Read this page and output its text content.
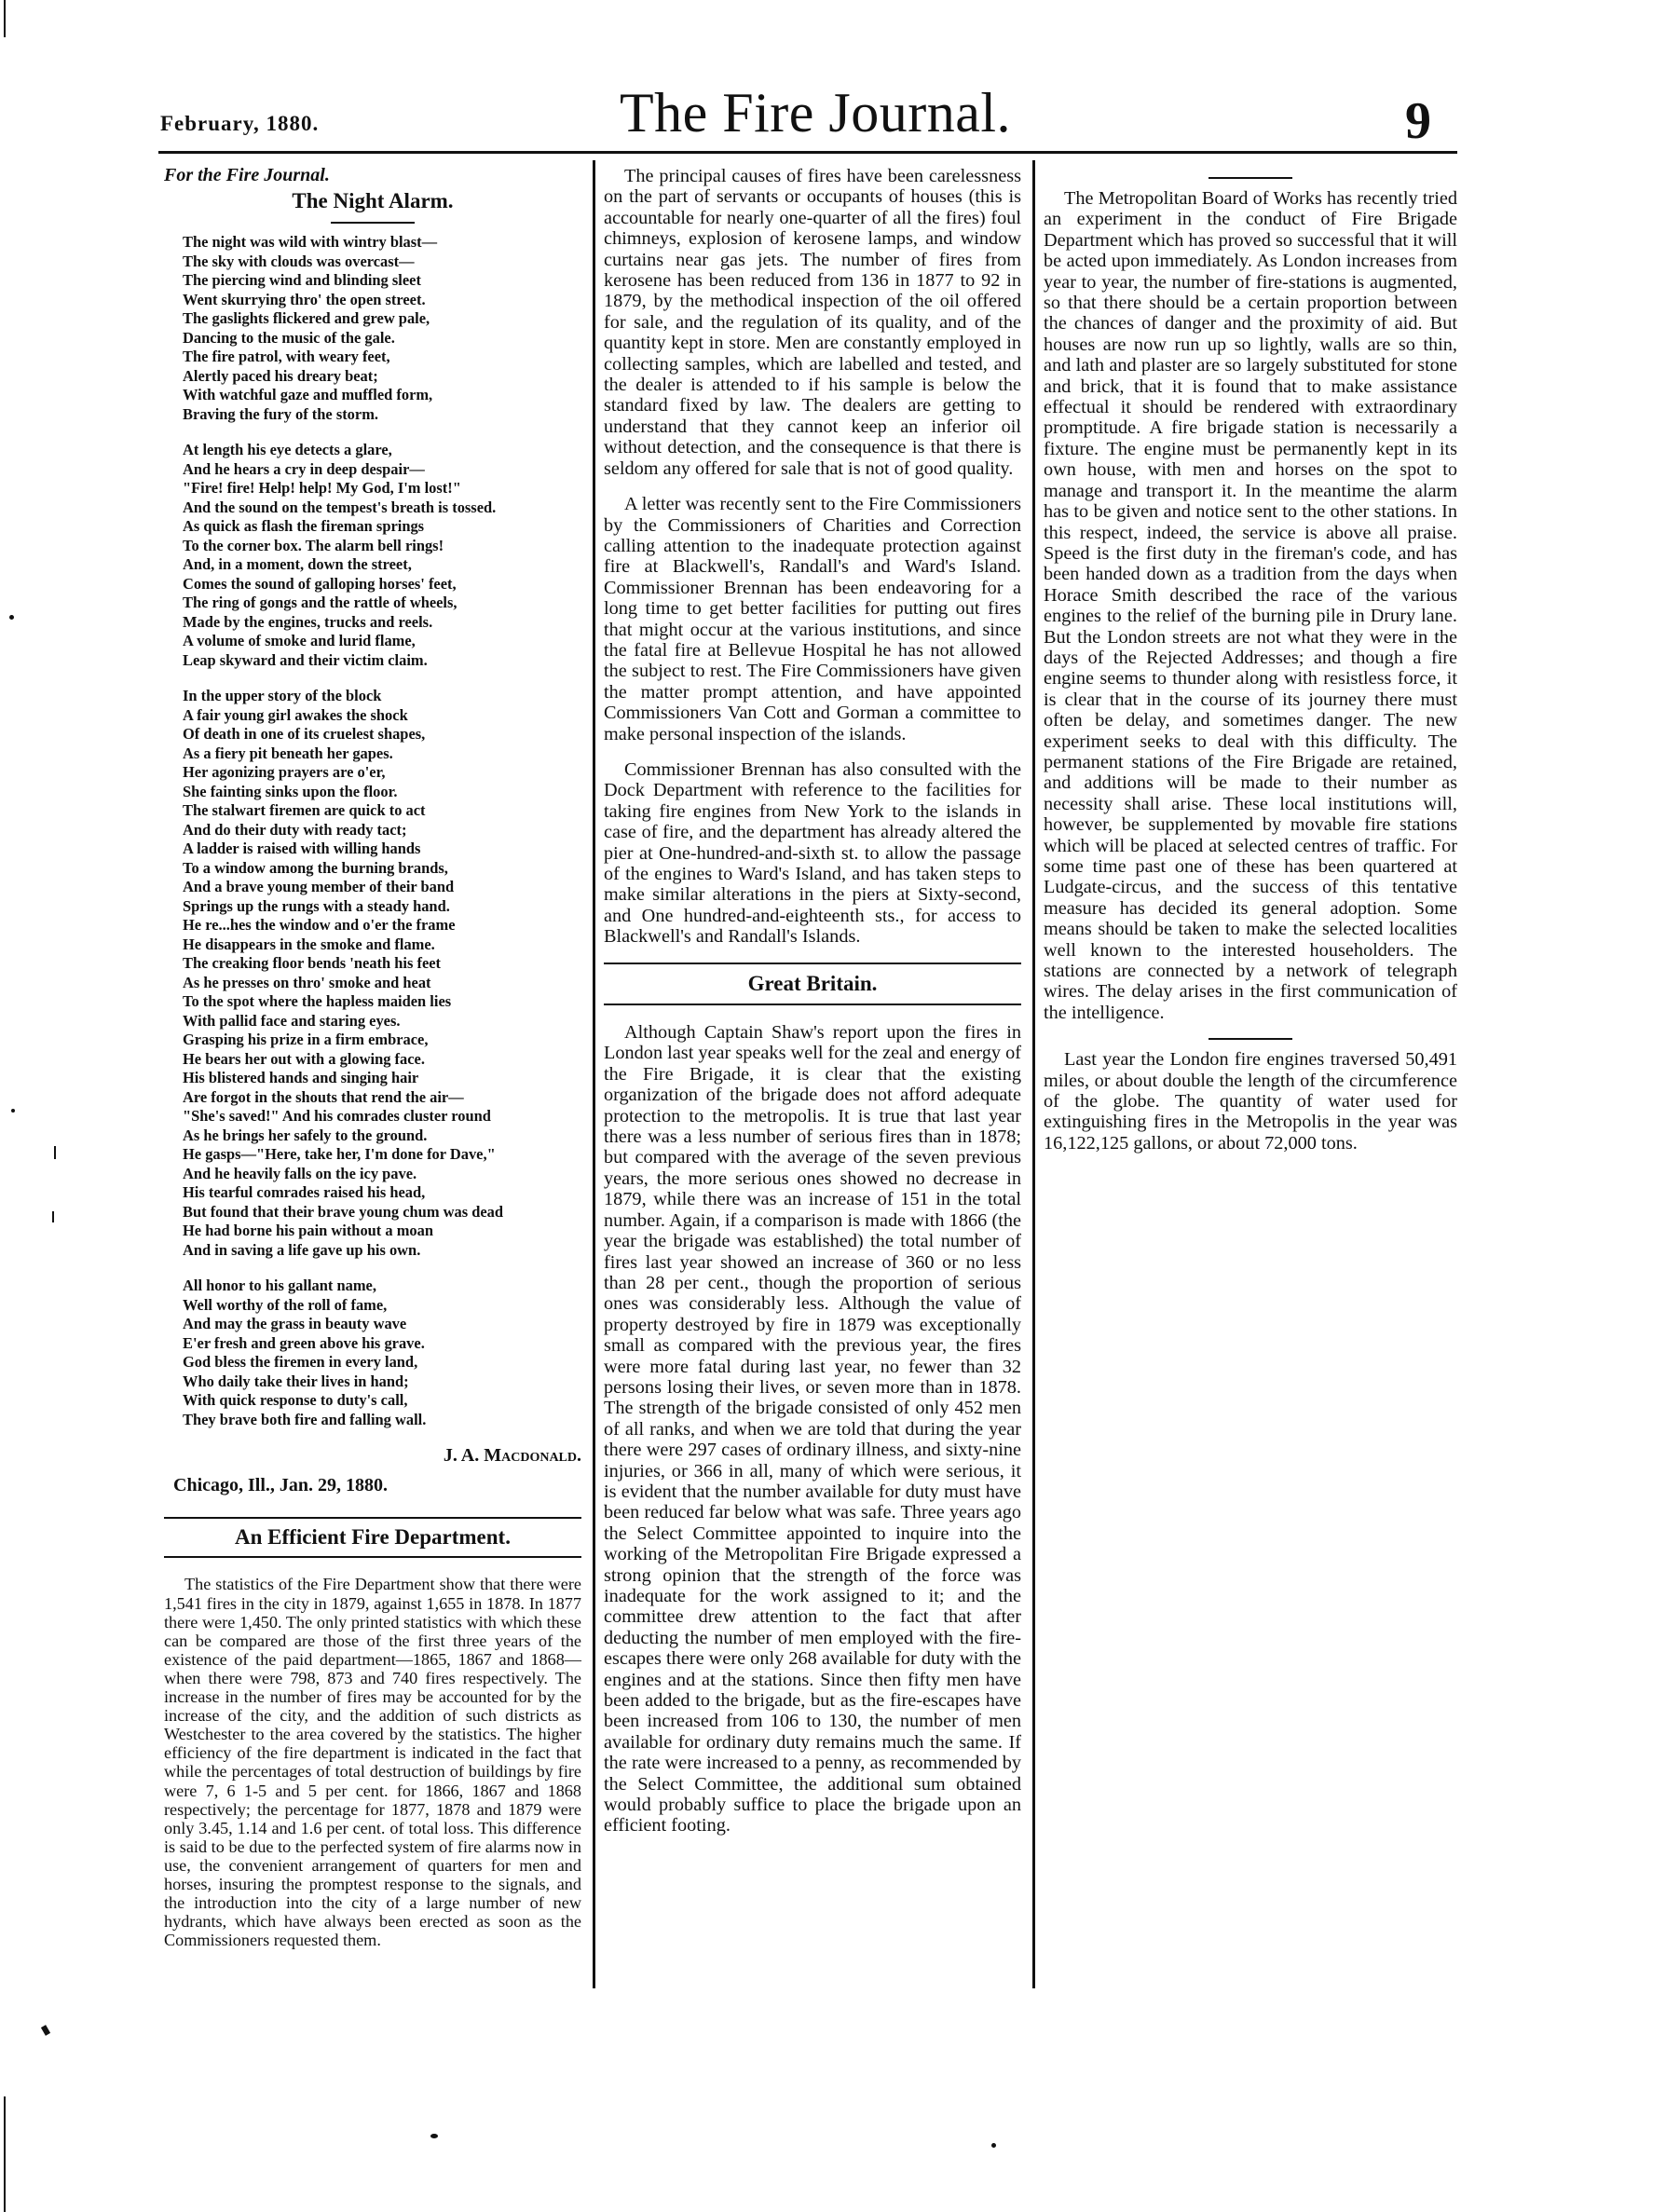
February, 1880.	The Fire Journal.	9
For the Fire Journal.
The Night Alarm.
The night was wild with wintry blast—
The sky with clouds was overcast—
The piercing wind and blinding sleet
Went skurrying thro' the open street.
The gaslights flickered and grew pale,
Dancing to the music of the gale.
The fire patrol, with weary feet,
Alertly paced his dreary beat;
With watchful gaze and muffled form,
Braving the fury of the storm.
At length his eye detects a glare,
And he hears a cry in deep despair—
"Fire! fire! Help! help! My God, I'm lost!"
And the sound on the tempest's breath is tossed.
As quick as flash the fireman springs
To the corner box. The alarm bell rings!
And, in a moment, down the street,
Comes the sound of galloping horses' feet,
The ring of gongs and the rattle of wheels,
Made by the engines, trucks and reels.
A volume of smoke and lurid flame,
Leap skyward and their victim claim.
In the upper story of the block
A fair young girl awakes the shock
Of death in one of its cruelest shapes,
As a fiery pit beneath her gapes.
Her agonizing prayers are o'er,
She fainting sinks upon the floor.
The stalwart firemen are quick to act
And do their duty with ready tact;
A ladder is raised with willing hands
To a window among the burning brands,
And a brave young member of their band
Springs up the rungs with a steady hand.
He re...hes the window and o'er the frame
He disappears in the smoke and flame.
The creaking floor bends 'neath his feet
As he presses on thro' smoke and heat
To the spot where the hapless maiden lies
With pallid face and staring eyes.
Grasping his prize in a firm embrace,
He bears her out with a glowing face.
His blistered hands and singing hair
Are forgot in the shouts that rend the air—
"She's saved!" And his comrades cluster round
As he brings her safely to the ground.
He gasps—"Here, take her, I'm done for Dave,"
And he heavily falls on the icy pave.
His tearful comrades raised his head,
But found that their brave young chum was dead
He had borne his pain without a moan
And in saving a life gave up his own.
All honor to his gallant name,
Well worthy of the roll of fame,
And may the grass in beauty wave
E'er fresh and green above his grave.
God bless the firemen in every land,
Who daily take their lives in hand;
With quick response to duty's call,
They brave both fire and falling wall.
J. A. Macdonald.
Chicago, Ill., Jan. 29, 1880.
An Efficient Fire Department.

The statistics of the Fire Department show that there were 1,541 fires in the city in 1879, against 1,655 in 1878. In 1877 there were 1,450. The only printed statistics with which these can be compared are those of the first three years of the existence of the paid department—1865, 1867 and 1868—when there were 798, 873 and 740 fires respectively. The increase in the number of fires may be accounted for by the increase of the city, and the addition of such districts as Westchester to the area covered by the statistics. The higher efficiency of the fire department is indicated in the fact that while the percentages of total destruction of buildings by fire were 7, 6 1-5 and 5 per cent. for 1866, 1867 and 1868 respectively; the percentage for 1877, 1878 and 1879 were only 3.45, 1.14 and 1.6 per cent. of total loss. This difference is said to be due to the perfected system of fire alarms now in use, the convenient arrangement of quarters for men and horses, insuring the promptest response to the signals, and the introduction into the city of a large number of new hydrants, which have always been erected as soon as the Commissioners requested them.

The principal causes of fires have been carelessness on the part of servants or occupants of houses (this is accountable for nearly one-quarter of all the fires) foul chimneys, explosion of kerosene lamps, and window curtains near gas jets. The number of fires from kerosene has been reduced from 136 in 1877 to 92 in 1879, by the methodical inspection of the oil offered for sale, and the regulation of its quality, and of the quantity kept in store. Men are constantly employed in collecting samples, which are labelled and tested, and the dealer is attended to if his sample is below the standard fixed by law. The dealers are getting to understand that they cannot keep an inferior oil without detection, and the consequence is that there is seldom any offered for sale that is not of good quality.

A letter was recently sent to the Fire Commissioners by the Commissioners of Charities and Correction calling attention to the inadequate protection against fire at Blackwell's, Randall's and Ward's Island. Commissioner Brennan has been endeavoring for a long time to get better facilities for putting out fires that might occur at the various institutions, and since the fatal fire at Bellevue Hospital he has not allowed the subject to rest. The Fire Commissioners have given the matter prompt attention, and have appointed Commissioners Van Cott and Gorman a committee to make personal inspection of the islands.

Commissioner Brennan has also consulted with the Dock Department with reference to the facilities for taking fire engines from New York to the islands in case of fire, and the department has already altered the pier at One-hundred-and-sixth st. to allow the passage of the engines to Ward's Island, and has taken steps to make similar alterations in the piers at Sixty-second, and One hundred-and-eighteenth sts., for access to Blackwell's and Randall's Islands.

Great Britain.

Although Captain Shaw's report upon the fires in London last year speaks well for the zeal and energy of the Fire Brigade, it is clear that the existing organization of the brigade does not afford adequate protection to the metropolis. It is true that last year there was a less number of serious fires than in 1878; but compared with the average of the seven previous years, the more serious ones showed no decrease in 1879, while there was an increase of 151 in the total number. Again, if a comparison is made with 1866 (the year the brigade was established) the total number of fires last year showed an increase of 360 or no less than 28 per cent., though the proportion of serious ones was considerably less. Although the value of property destroyed by fire in 1879 was exceptionally small as compared with the previous year, the fires were more fatal during last year, no fewer than 32 persons losing their lives, or seven more than in 1878. The strength of the brigade consisted of only 452 men of all ranks, and when we are told that during the year there were 297 cases of ordinary illness, and sixty-nine injuries, or 366 in all, many of which were serious, it is evident that the number available for duty must have been reduced far below what was safe. Three years ago the Select Committee appointed to inquire into the working of the Metropolitan Fire Brigade expressed a strong opinion that the strength of the force was inadequate for the work assigned to it; and the committee drew attention to the fact that after deducting the number of men employed with the fire-escapes there were only 268 available for duty with the engines and at the stations. Since then fifty men have been added to the brigade, but as the fire-escapes have been increased from 106 to 130, the number of men available for ordinary duty remains much the same. If the rate were increased to a penny, as recommended by the Select Committee, the additional sum obtained would probably suffice to place the brigade upon an efficient footing.

The Metropolitan Board of Works has recently tried an experiment in the conduct of Fire Brigade Department which has proved so successful that it will be acted upon immediately. As London increases from year to year, the number of fire-stations is augmented, so that there should be a certain proportion between the chances of danger and the proximity of aid. But houses are now run up so lightly, walls are so thin, and lath and plaster are so largely substituted for stone and brick, that it is found that to make assistance effectual it should be rendered with extraordinary promptitude. A fire brigade station is necessarily a fixture. The engine must be permanently kept in its own house, with men and horses on the spot to manage and transport it. In the meantime the alarm has to be given and notice sent to the other stations. In this respect, indeed, the service is above all praise. Speed is the first duty in the fireman's code, and has been handed down as a tradition from the days when Horace Smith described the race of the various engines to the relief of the burning pile in Drury lane. But the London streets are not what they were in the days of the Rejected Addresses; and though a fire engine seems to thunder along with resistless force, it is clear that in the course of its journey there must often be delay, and sometimes danger. The new experiment seeks to deal with this difficulty. The permanent stations of the Fire Brigade are retained, and additions will be made to their number as necessity shall arise. These local institutions will, however, be supplemented by movable fire stations which will be placed at selected centres of traffic. For some time past one of these has been quartered at Ludgate-circus, and the success of this tentative measure has decided its general adoption. Some means should be taken to make the selected localities well known to the interested householders. The stations are connected by a network of telegraph wires. The delay arises in the first communication of the intelligence.

Last year the London fire engines traversed 50,491 miles, or about double the length of the circumference of the globe. The quantity of water used for extinguishing fires in the Metropolis in the year was 16,122,125 gallons, or about 72,000 tons.
